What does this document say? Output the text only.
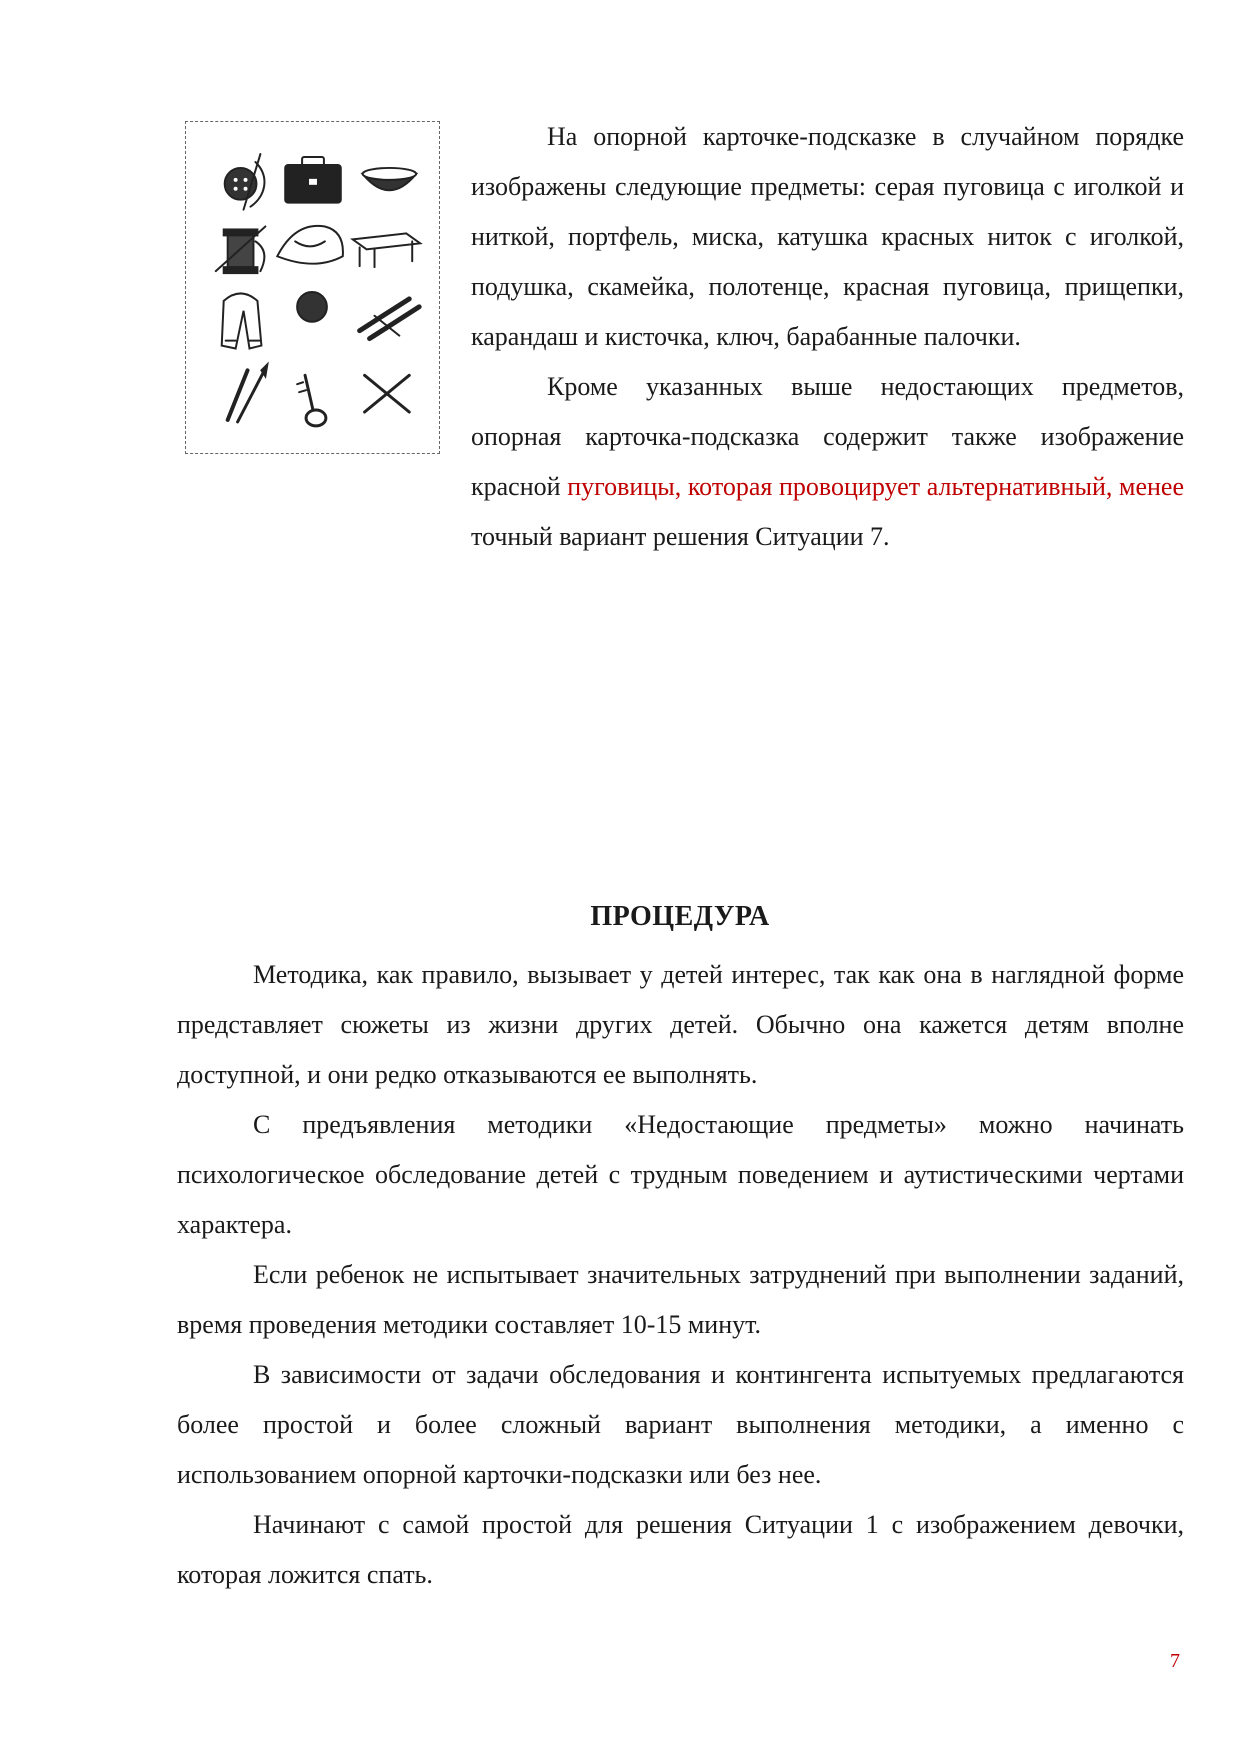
На опорной карточке-подсказке в случайном порядке изображены следующие предметы: серая пуговица с иголкой и ниткой, портфель, миска, катушка красных ниток с иголкой, подушка, скамейка, полотенце, красная пуговица, прищепки, карандаш и кисточка, ключ, барабанные палочки.

Кроме указанных выше недостающих предметов, опорная карточка-подсказка содержит также изображение красной пуговицы, которая провоцирует альтернативный, менее точный вариант решения Ситуации 7.

ПРОЦЕДУРА

Методика, как правило, вызывает у детей интерес, так как она в наглядной форме представляет сюжеты из жизни других детей. Обычно она кажется детям вполне доступной, и они редко отказываются ее выполнять.

С предъявления методики «Недостающие предметы» можно начинать психологическое обследование детей с трудным поведением и аутистическими чертами характера.

Если ребенок не испытывает значительных затруднений при выполнении заданий, время проведения методики составляет 10-15 минут.

В зависимости от задачи обследования и контингента испытуемых предлагаются более простой и более сложный вариант выполнения методики, а именно с использованием опорной карточки-подсказки или без нее.

Начинают с самой простой для решения Ситуации 1 с изображением девочки, которая ложится спать.

7
